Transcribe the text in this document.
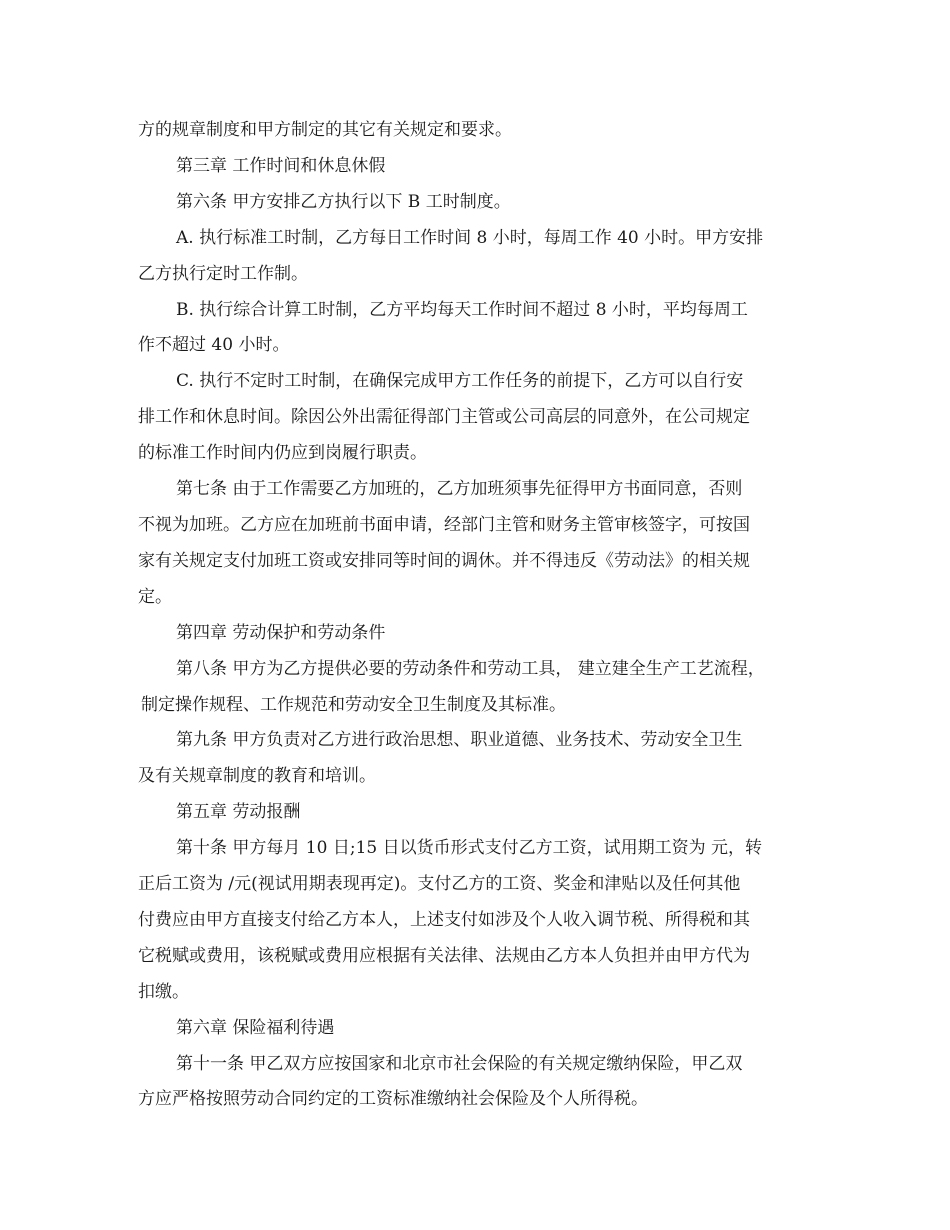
方的规章制度和甲方制定的其它有关规定和要求。

第三章 工作时间和休息休假

第六条 甲方安排乙方执行以下 B 工时制度。

A. 执行标准工时制，乙方每日工作时间 8 小时，每周工作 40 小时。甲方安排

乙方执行定时工作制。

B. 执行综合计算工时制，乙方平均每天工作时间不超过 8 小时，平均每周工

作不超过 40 小时。

C. 执行不定时工时制，在确保完成甲方工作任务的前提下，乙方可以自行安

排工作和休息时间。除因公外出需征得部门主管或公司高层的同意外，在公司规定

的标准工作时间内仍应到岗履行职责。

第七条 由于工作需要乙方加班的，乙方加班须事先征得甲方书面同意，否则

不视为加班。乙方应在加班前书面申请，经部门主管和财务主管审核签字，可按国

家有关规定支付加班工资或安排同等时间的调休。并不得违反《劳动法》的相关规

定。

第四章 劳动保护和劳动条件

第八条 甲方为乙方提供必要的劳动条件和劳动工具， 建立建全生产工艺流程，

制定操作规程、工作规范和劳动安全卫生制度及其标准。

第九条 甲方负责对乙方进行政治思想、职业道德、业务技术、劳动安全卫生

及有关规章制度的教育和培训。

第五章 劳动报酬

第十条 甲方每月 10 日;15 日以货币形式支付乙方工资，试用期工资为 元，转

正后工资为 /元(视试用期表现再定)。支付乙方的工资、奖金和津贴以及任何其他

付费应由甲方直接支付给乙方本人，上述支付如涉及个人收入调节税、所得税和其

它税赋或费用，该税赋或费用应根据有关法律、法规由乙方本人负担并由甲方代为

扣缴。

第六章 保险福利待遇

第十一条 甲乙双方应按国家和北京市社会保险的有关规定缴纳保险，甲乙双

方应严格按照劳动合同约定的工资标准缴纳社会保险及个人所得税。
